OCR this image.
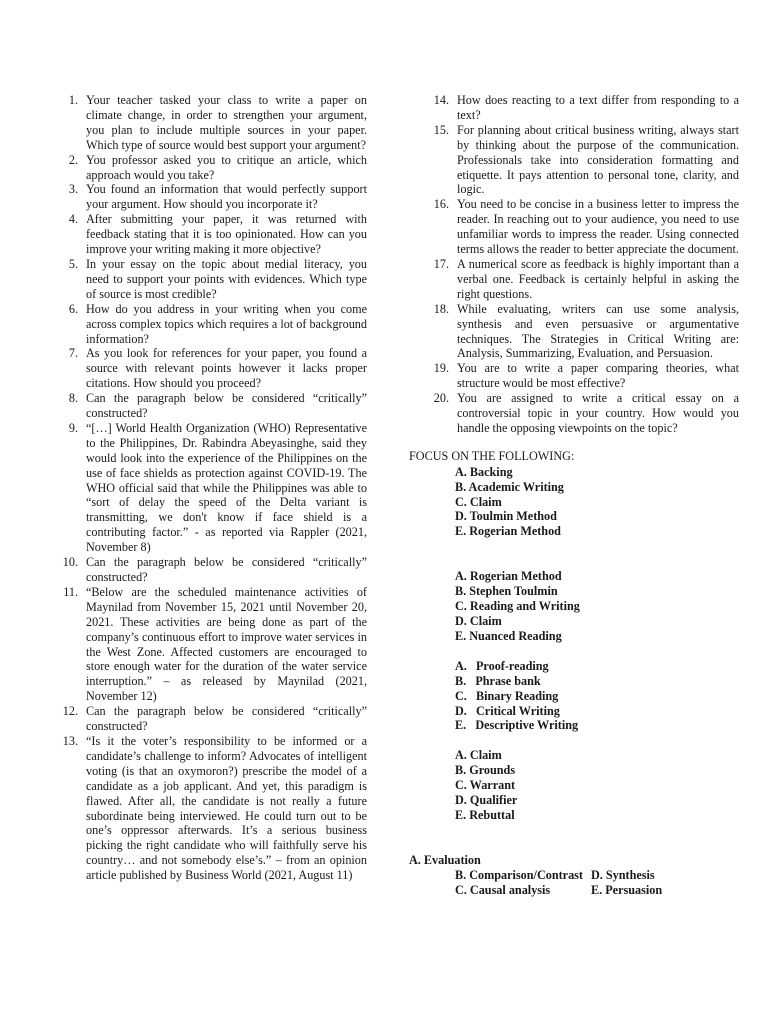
1. Your teacher tasked your class to write a paper on climate change, in order to strengthen your argument, you plan to include multiple sources in your paper. Which type of source would best support your argument?
2. You professor asked you to critique an article, which approach would you take?
3. You found an information that would perfectly support your argument. How should you incorporate it?
4. After submitting your paper, it was returned with feedback stating that it is too opinionated. How can you improve your writing making it more objective?
5. In your essay on the topic about medial literacy, you need to support your points with evidences. Which type of source is most credible?
6. How do you address in your writing when you come across complex topics which requires a lot of background information?
7. As you look for references for your paper, you found a source with relevant points however it lacks proper citations. How should you proceed?
8. Can the paragraph below be considered “critically” constructed?
9. “[…] World Health Organization (WHO) Representative to the Philippines, Dr. Rabindra Abeyasinghe, said they would look into the experience of the Philippines on the use of face shields as protection against COVID-19. The WHO official said that while the Philippines was able to “sort of delay the speed of the Delta variant is transmitting, we don't know if face shield is a contributing factor.” - as reported via Rappler (2021, November 8)
10. Can the paragraph below be considered “critically” constructed?
11. “Below are the scheduled maintenance activities of Maynilad from November 15, 2021 until November 20, 2021. These activities are being done as part of the company’s continuous effort to improve water services in the West Zone. Affected customers are encouraged to store enough water for the duration of the water service interruption.” – as released by Maynilad (2021, November 12)
12. Can the paragraph below be considered “critically” constructed?
13. “Is it the voter’s responsibility to be informed or a candidate’s challenge to inform? Advocates of intelligent voting (is that an oxymoron?) prescribe the model of a candidate as a job applicant. And yet, this paradigm is flawed. After all, the candidate is not really a future subordinate being interviewed. He could turn out to be one’s oppressor afterwards. It’s a serious business picking the right candidate who will faithfully serve his country… and not somebody else’s.” – from an opinion article published by Business World (2021, August 11)
14. How does reacting to a text differ from responding to a text?
15. For planning about critical business writing, always start by thinking about the purpose of the communication. Professionals take into consideration formatting and etiquette. It pays attention to personal tone, clarity, and logic.
16. You need to be concise in a business letter to impress the reader. In reaching out to your audience, you need to use unfamiliar words to impress the reader. Using connected terms allows the reader to better appreciate the document.
17. A numerical score as feedback is highly important than a verbal one. Feedback is certainly helpful in asking the right questions.
18. While evaluating, writers can use some analysis, synthesis and even persuasive or argumentative techniques. The Strategies in Critical Writing are: Analysis, Summarizing, Evaluation, and Persuasion.
19. You are to write a paper comparing theories, what structure would be most effective?
20. You are assigned to write a critical essay on a controversial topic in your country. How would you handle the opposing viewpoints on the topic?
FOCUS ON THE FOLLOWING:
A. Backing
B. Academic Writing
C. Claim
D. Toulmin Method
E. Rogerian Method
A. Rogerian Method
B. Stephen Toulmin
C. Reading and Writing
D. Claim
E. Nuanced Reading
A.   Proof-reading
B.   Phrase bank
C.   Binary Reading
D.   Critical Writing
E.   Descriptive Writing
A. Claim
B. Grounds
C. Warrant
D. Qualifier
E. Rebuttal

A. Evaluation

D. Synthesis

B. Comparison/Contrast

E. Persuasion

C. Causal analysis
